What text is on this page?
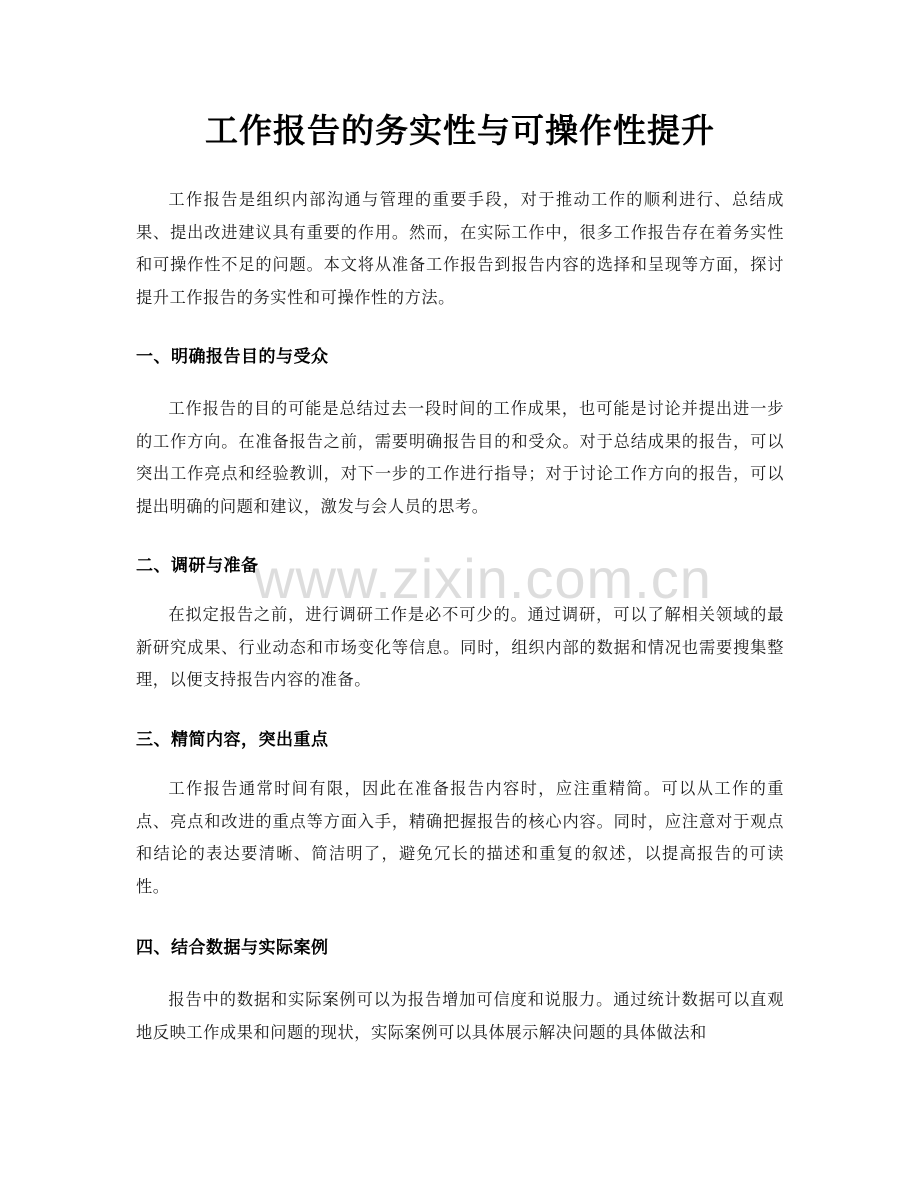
www.zixin.com.cn
工作报告的务实性与可操作性提升

工作报告是组织内部沟通与管理的重要手段，对于推动工作的顺利进行、总结成果、提出改进建议具有重要的作用。然而，在实际工作中，很多工作报告存在着务实性和可操作性不足的问题。本文将从准备工作报告到报告内容的选择和呈现等方面，探讨提升工作报告的务实性和可操作性的方法。

一、明确报告目的与受众

工作报告的目的可能是总结过去一段时间的工作成果，也可能是讨论并提出进一步的工作方向。在准备报告之前，需要明确报告目的和受众。对于总结成果的报告，可以突出工作亮点和经验教训，对下一步的工作进行指导；对于讨论工作方向的报告，可以提出明确的问题和建议，激发与会人员的思考。

二、调研与准备

在拟定报告之前，进行调研工作是必不可少的。通过调研，可以了解相关领域的最新研究成果、行业动态和市场变化等信息。同时，组织内部的数据和情况也需要搜集整理，以便支持报告内容的准备。

三、精简内容，突出重点

工作报告通常时间有限，因此在准备报告内容时，应注重精简。可以从工作的重点、亮点和改进的重点等方面入手，精确把握报告的核心内容。同时，应注意对于观点和结论的表达要清晰、简洁明了，避免冗长的描述和重复的叙述，以提高报告的可读性。

四、结合数据与实际案例

报告中的数据和实际案例可以为报告增加可信度和说服力。通过统计数据可以直观地反映工作成果和问题的现状，实际案例可以具体展示解决问题的具体做法和
